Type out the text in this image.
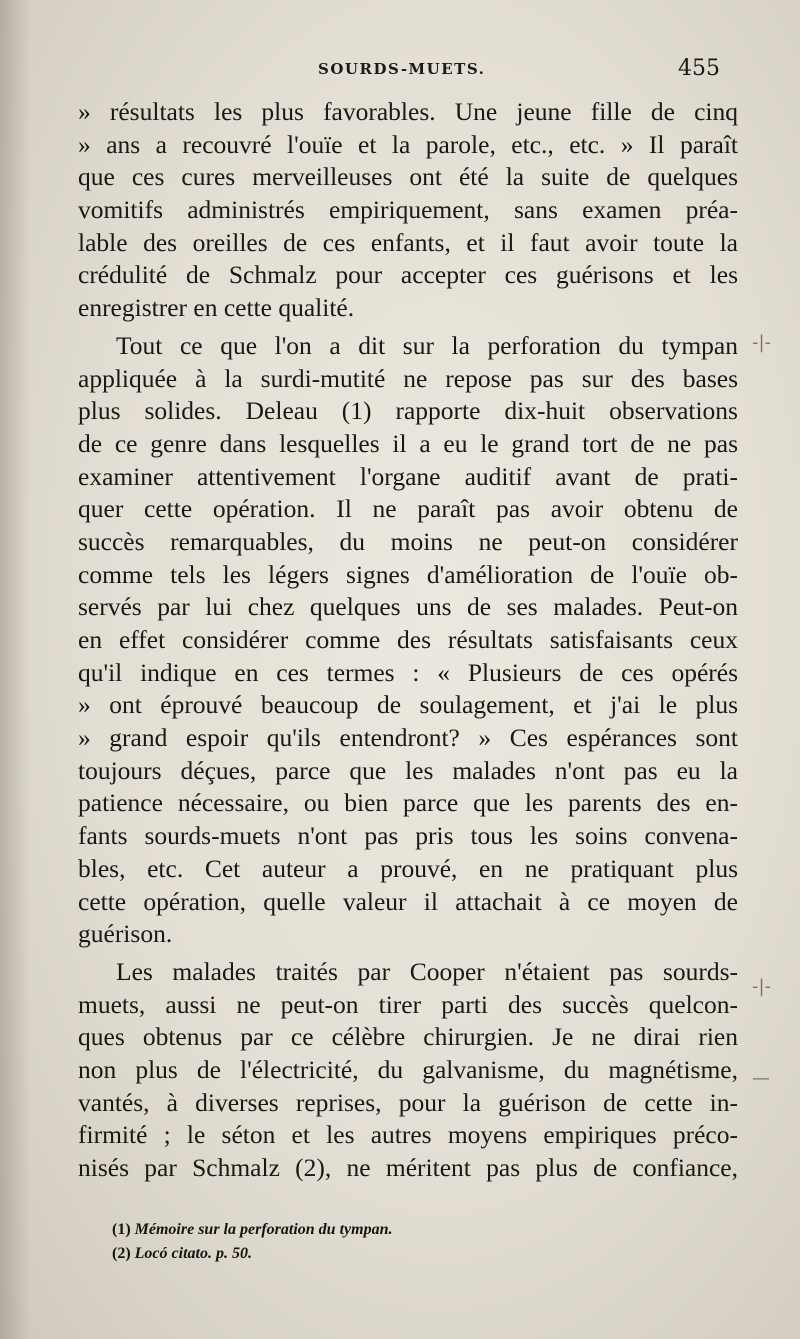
SOURDS-MUETS.	455
» résultats les plus favorables. Une jeune fille de cinq
» ans a recouvré l'ouïe et la parole, etc., etc. » Il paraît
que ces cures merveilleuses ont été la suite de quelques
vomitifs administrés empiriquement, sans examen préa-
lable des oreilles de ces enfants, et il faut avoir toute la
crédulité de Schmalz pour accepter ces guérisons et les
enregistrer en cette qualité.
Tout ce que l'on a dit sur la perforation du tympan
appliquée à la surdi-mutité ne repose pas sur des bases
plus solides. Deleau (1) rapporte dix-huit observations
de ce genre dans lesquelles il a eu le grand tort de ne pas
examiner attentivement l'organe auditif avant de prati-
quer cette opération. Il ne paraît pas avoir obtenu de
succès remarquables, du moins ne peut-on considérer
comme tels les légers signes d'amélioration de l'ouïe ob-
servés par lui chez quelques uns de ses malades. Peut-on
en effet considérer comme des résultats satisfaisants ceux
qu'il indique en ces termes : « Plusieurs de ces opérés
» ont éprouvé beaucoup de soulagement, et j'ai le plus
» grand espoir qu'ils entendront? » Ces espérances sont
toujours déçues, parce que les malades n'ont pas eu la
patience nécessaire, ou bien parce que les parents des en-
fants sourds-muets n'ont pas pris tous les soins convena-
bles, etc. Cet auteur a prouvé, en ne pratiquant plus
cette opération, quelle valeur il attachait à ce moyen de
guérison.
Les malades traités par Cooper n'étaient pas sourds-
muets, aussi ne peut-on tirer parti des succès quelcon-
ques obtenus par ce célèbre chirurgien. Je ne dirai rien
non plus de l'électricité, du galvanisme, du magnétisme,
vantés, à diverses reprises, pour la guérison de cette in-
firmité ; le séton et les autres moyens empiriques préco-
nisés par Schmalz (2), ne méritent pas plus de confiance,
(1) Mémoire sur la perforation du tympan.
(2) Locó citato. p. 50.
-|-
-|-
—
